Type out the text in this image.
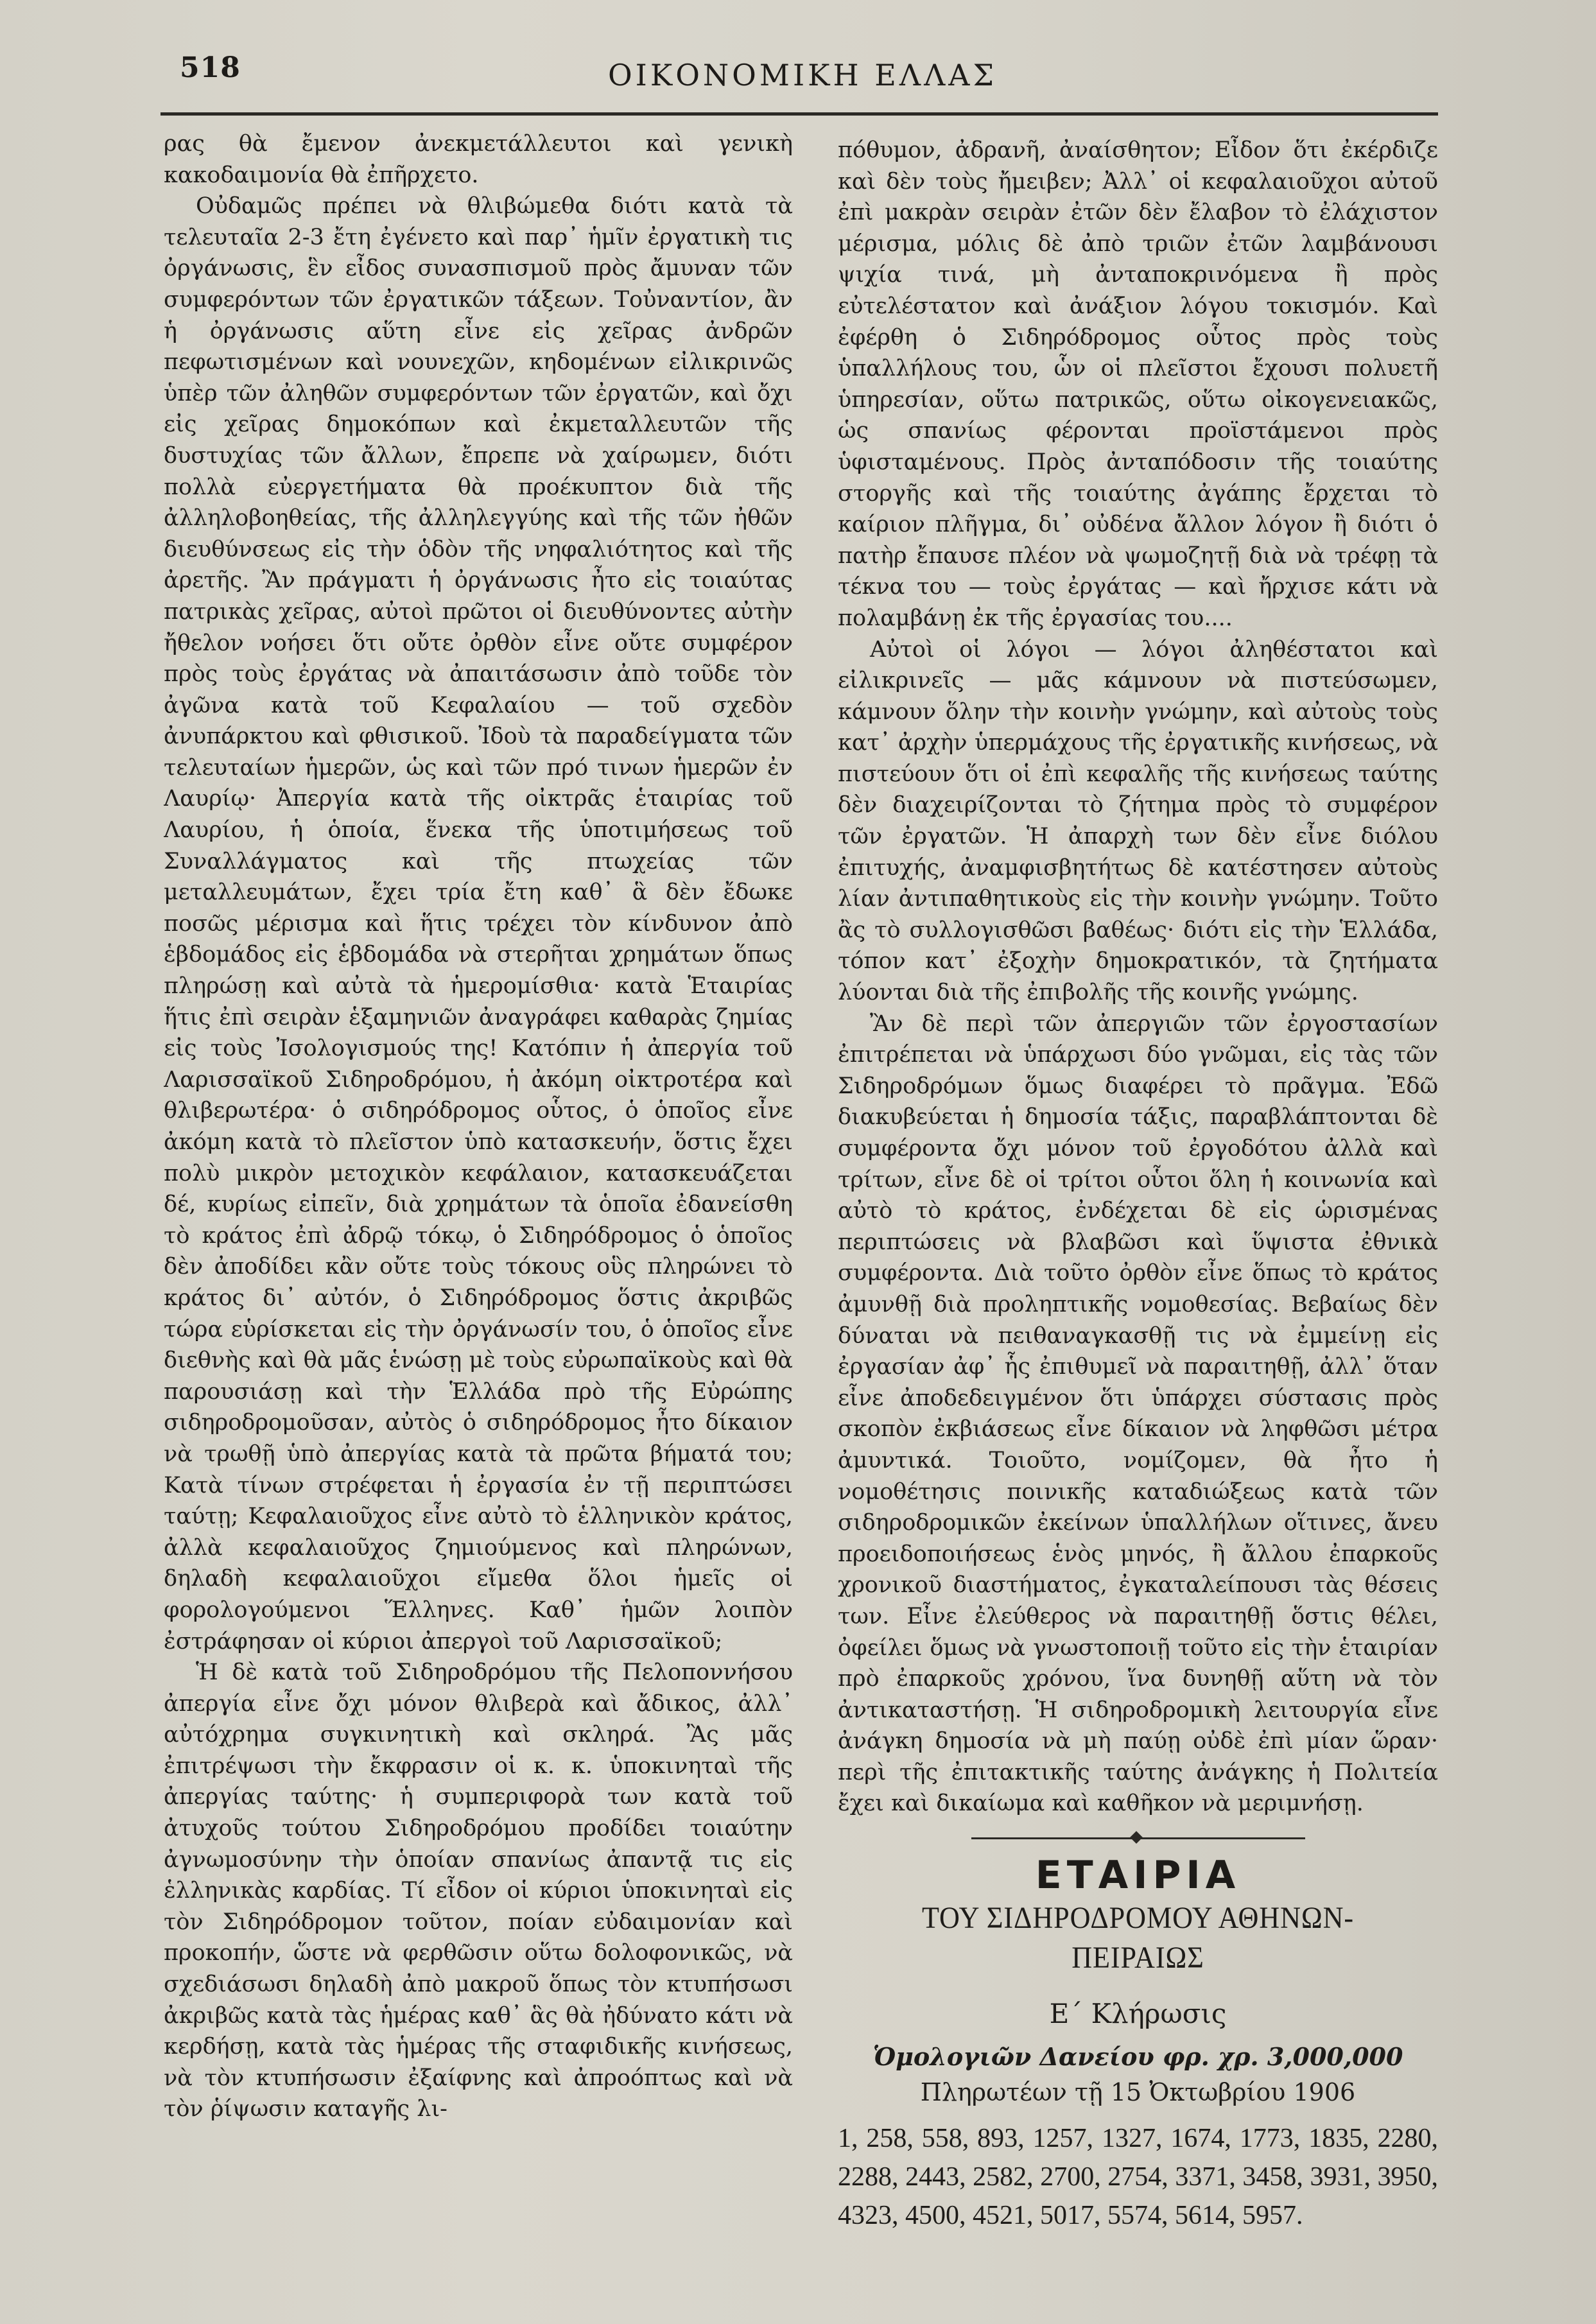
518	ΟΙΚΟΝΟΜΙΚΗ ΕΛΛΑΣ

ρας θὰ ἔμενον ἀνεκμετάλλευτοι καὶ γενικὴ κακοδαιμονία θὰ ἐπῆρχετο.

Οὐδαμῶς πρέπει νὰ θλιβώμεθα διότι κατὰ τὰ τελευταῖα 2-3 ἔτη ἐγένετο καὶ παρ᾽ ἡμῖν ἐργατικὴ τις ὀργάνωσις, ἓν εἶδος συνασπισμοῦ πρὸς ἄμυναν τῶν συμφερόντων τῶν ἐργατικῶν τάξεων. Τοὐναντίον, ἂν ἡ ὀργάνωσις αὕτη εἶνε εἰς χεῖρας ἀνδρῶν πεφωτισμένων καὶ νουνεχῶν, κηδομένων εἰλικρινῶς ὑπὲρ τῶν ἀληθῶν συμφερόντων τῶν ἐργατῶν, καὶ ὄχι εἰς χεῖρας δημοκόπων καὶ ἐκμεταλλευτῶν τῆς δυστυχίας τῶν ἄλλων, ἔπρεπε νὰ χαίρωμεν, διότι πολλὰ εὐεργετήματα θὰ προέκυπτον διὰ τῆς ἀλληλοβοηθείας, τῆς ἀλληλεγγύης καὶ τῆς τῶν ἠθῶν διευθύνσεως εἰς τὴν ὁδὸν τῆς νηφαλιότητος καὶ τῆς ἀρετῆς. Ἂν πράγματι ἡ ὀργάνωσις ἦτο εἰς τοιαύτας πατρικὰς χεῖρας, αὐτοὶ πρῶτοι οἱ διευθύνοντες αὐτὴν ἤθελον νοήσει ὅτι οὔτε ὀρθὸν εἶνε οὔτε συμφέρον πρὸς τοὺς ἐργάτας νὰ ἀπαιτάσωσιν ἀπὸ τοῦδε τὸν ἀγῶνα κατὰ τοῦ Κεφαλαίου — τοῦ σχεδὸν ἀνυπάρκτου καὶ φθισικοῦ. Ἰδοὺ τὰ παραδείγματα τῶν τελευταίων ἡμερῶν, ὡς καὶ τῶν πρό τινων ἡμερῶν ἐν Λαυρίῳ· Ἀπεργία κατὰ τῆς οἰκτρᾶς ἑταιρίας τοῦ Λαυρίου, ἡ ὁποία, ἕνεκα τῆς ὑποτιμήσεως τοῦ Συναλλάγματος καὶ τῆς πτωχείας τῶν μεταλλευμάτων, ἔχει τρία ἔτη καθ᾽ ἃ δὲν ἔδωκε ποσῶς μέρισμα καὶ ἥτις τρέχει τὸν κίνδυνον ἀπὸ ἑβδομάδος εἰς ἑβδομάδα νὰ στερῆται χρημάτων ὅπως πληρώσῃ καὶ αὐτὰ τὰ ἡμερομίσθια· κατὰ Ἑταιρίας ἥτις ἐπὶ σειρὰν ἑξαμηνιῶν ἀναγράφει καθαρὰς ζημίας εἰς τοὺς Ἰσολογισμούς της! Κατόπιν ἡ ἀπεργία τοῦ Λαρισσαϊκοῦ Σιδηροδρόμου, ἡ ἀκόμη οἰκτροτέρα καὶ θλιβερωτέρα· ὁ σιδηρόδρομος οὗτος, ὁ ὁποῖος εἶνε ἀκόμη κατὰ τὸ πλεῖστον ὑπὸ κατασκευήν, ὅστις ἔχει πολὺ μικρὸν μετοχικὸν κεφάλαιον, κατασκευάζεται δέ, κυρίως εἰπεῖν, διὰ χρημάτων τὰ ὁποῖα ἐδανείσθη τὸ κράτος ἐπὶ ἀδρῷ τόκῳ, ὁ Σιδηρόδρομος ὁ ὁποῖος δὲν ἀποδίδει κἂν οὔτε τοὺς τόκους οὓς πληρώνει τὸ κράτος δι᾽ αὐτόν, ὁ Σιδηρόδρομος ὅστις ἀκριβῶς τώρα εὑρίσκεται εἰς τὴν ὀργάνωσίν του, ὁ ὁποῖος εἶνε διεθνὴς καὶ θὰ μᾶς ἑνώσῃ μὲ τοὺς εὐρωπαϊκοὺς καὶ θὰ παρουσιάσῃ καὶ τὴν Ἑλλάδα πρὸ τῆς Εὐρώπης σιδηροδρομοῦσαν, αὐτὸς ὁ σιδηρόδρομος ἦτο δίκαιον νὰ τρωθῇ ὑπὸ ἀπεργίας κατὰ τὰ πρῶτα βήματά του; Κατὰ τίνων στρέφεται ἡ ἐργασία ἐν τῇ περιπτώσει ταύτῃ; Κεφαλαιοῦχος εἶνε αὐτὸ τὸ ἑλληνικὸν κράτος, ἀλλὰ κεφαλαιοῦχος ζημιούμενος καὶ πληρώνων, δηλαδὴ κεφαλαιοῦχοι εἴμεθα ὅλοι ἡμεῖς οἱ φορολογούμενοι Ἕλληνες. Καθ᾽ ἡμῶν λοιπὸν ἐστράφησαν οἱ κύριοι ἀπεργοὶ τοῦ Λαρισσαϊκοῦ;

Ἡ δὲ κατὰ τοῦ Σιδηροδρόμου τῆς Πελοποννήσου ἀπεργία εἶνε ὄχι μόνον θλιβερὰ καὶ ἄδικος, ἀλλ᾽ αὐτόχρημα συγκινητικὴ καὶ σκληρά. Ἂς μᾶς ἐπιτρέψωσι τὴν ἔκφρασιν οἱ κ. κ. ὑποκινηταὶ τῆς ἀπεργίας ταύτης· ἡ συμπεριφορὰ των κατὰ τοῦ ἀτυχοῦς τούτου Σιδηροδρόμου προδίδει τοιαύτην ἀγνωμοσύνην τὴν ὁποίαν σπανίως ἀπαντᾷ τις εἰς ἑλληνικὰς καρδίας. Τί εἶδον οἱ κύριοι ὑποκινηταὶ εἰς τὸν Σιδηρόδρομον τοῦτον, ποίαν εὐδαιμονίαν καὶ προκοπήν, ὥστε νὰ φερθῶσιν οὕτω δολοφονικῶς, νὰ σχεδιάσωσι δηλαδὴ ἀπὸ μακροῦ ὅπως τὸν κτυπήσωσι ἀκριβῶς κατὰ τὰς ἡμέρας καθ᾽ ἃς θὰ ἠδύνατο κάτι νὰ κερδήσῃ, κατὰ τὰς ἡμέρας τῆς σταφιδικῆς κινήσεως, νὰ τὸν κτυπήσωσιν ἐξαίφνης καὶ ἀπροόπτως καὶ νὰ τὸν ῥίψωσιν καταγῆς λι-

πόθυμον, ἀδρανῆ, ἀναίσθητον; Εἶδον ὅτι ἐκέρδιζε καὶ δὲν τοὺς ἤμειβεν; Ἀλλ᾽ οἱ κεφαλαιοῦχοι αὐτοῦ ἐπὶ μακρὰν σειρὰν ἐτῶν δὲν ἔλαβον τὸ ἐλάχιστον μέρισμα, μόλις δὲ ἀπὸ τριῶν ἐτῶν λαμβάνουσι ψιχία τινά, μὴ ἀνταποκρινόμενα ἢ πρὸς εὐτελέστατον καὶ ἀνάξιον λόγου τοκισμόν. Καὶ ἐφέρθη ὁ Σιδηρόδρομος οὗτος πρὸς τοὺς ὑπαλλήλους του, ὧν οἱ πλεῖστοι ἔχουσι πολυετῆ ὑπηρεσίαν, οὕτω πατρικῶς, οὕτω οἰκογενειακῶς, ὡς σπανίως φέρονται προϊστάμενοι πρὸς ὑφισταμένους. Πρὸς ἀνταπόδοσιν τῆς τοιαύτης στοργῆς καὶ τῆς τοιαύτης ἀγάπης ἔρχεται τὸ καίριον πλῆγμα, δι᾽ οὐδένα ἄλλον λόγον ἢ διότι ὁ πατὴρ ἔπαυσε πλέον νὰ ψωμοζητῇ διὰ νὰ τρέφῃ τὰ τέκνα του — τοὺς ἐργάτας — καὶ ἤρχισε κάτι νὰ πολαμβάνῃ ἐκ τῆς ἐργασίας του....

Αὐτοὶ οἱ λόγοι — λόγοι ἀληθέστατοι καὶ εἰλικρινεῖς — μᾶς κάμνουν νὰ πιστεύσωμεν, κάμνουν ὅλην τὴν κοινὴν γνώμην, καὶ αὐτοὺς τοὺς κατ᾽ ἀρχὴν ὑπερμάχους τῆς ἐργατικῆς κινήσεως, νὰ πιστεύουν ὅτι οἱ ἐπὶ κεφαλῆς τῆς κινήσεως ταύτης δὲν διαχειρίζονται τὸ ζήτημα πρὸς τὸ συμφέρον τῶν ἐργατῶν. Ἡ ἀπαρχὴ των δὲν εἶνε διόλου ἐπιτυχής, ἀναμφισβητήτως δὲ κατέστησεν αὐτοὺς λίαν ἀντιπαθητικοὺς εἰς τὴν κοινὴν γνώμην. Τοῦτο ἂς τὸ συλλογισθῶσι βαθέως· διότι εἰς τὴν Ἑλλάδα, τόπον κατ᾽ ἐξοχὴν δημοκρατικόν, τὰ ζητήματα λύονται διὰ τῆς ἐπιβολῆς τῆς κοινῆς γνώμης.

Ἂν δὲ περὶ τῶν ἀπεργιῶν τῶν ἐργοστασίων ἐπιτρέπεται νὰ ὑπάρχωσι δύο γνῶμαι, εἰς τὰς τῶν Σιδηροδρόμων ὅμως διαφέρει τὸ πρᾶγμα. Ἐδῶ διακυβεύεται ἡ δημοσία τάξις, παραβλάπτονται δὲ συμφέροντα ὄχι μόνον τοῦ ἐργοδότου ἀλλὰ καὶ τρίτων, εἶνε δὲ οἱ τρίτοι οὗτοι ὅλη ἡ κοινωνία καὶ αὐτὸ τὸ κράτος, ἐνδέχεται δὲ εἰς ὡρισμένας περιπτώσεις νὰ βλαβῶσι καὶ ὕψιστα ἐθνικὰ συμφέροντα. Διὰ τοῦτο ὀρθὸν εἶνε ὅπως τὸ κράτος ἀμυνθῇ διὰ προληπτικῆς νομοθεσίας. Βεβαίως δὲν δύναται νὰ πειθαναγκασθῇ τις νὰ ἐμμείνῃ εἰς ἐργασίαν ἀφ᾽ ἧς ἐπιθυμεῖ νὰ παραιτηθῇ, ἀλλ᾽ ὅταν εἶνε ἀποδεδειγμένον ὅτι ὑπάρχει σύστασις πρὸς σκοπὸν ἐκβιάσεως εἶνε δίκαιον νὰ ληφθῶσι μέτρα ἀμυντικά. Τοιοῦτο, νομίζομεν, θὰ ἦτο ἡ νομοθέτησις ποινικῆς καταδιώξεως κατὰ τῶν σιδηροδρομικῶν ἐκείνων ὑπαλλήλων οἵτινες, ἄνευ προειδοποιήσεως ἑνὸς μηνός, ἢ ἄλλου ἐπαρκοῦς χρονικοῦ διαστήματος, ἐγκαταλείπουσι τὰς θέσεις των. Εἶνε ἐλεύθερος νὰ παραιτηθῇ ὅστις θέλει, ὀφείλει ὅμως νὰ γνωστοποιῇ τοῦτο εἰς τὴν ἑταιρίαν πρὸ ἐπαρκοῦς χρόνου, ἵνα δυνηθῇ αὕτη νὰ τὸν ἀντικαταστήσῃ. Ἡ σιδηροδρομικὴ λειτουργία εἶνε ἀνάγκη δημοσία νὰ μὴ παύῃ οὐδὲ ἐπὶ μίαν ὥραν· περὶ τῆς ἐπιτακτικῆς ταύτης ἀνάγκης ἡ Πολιτεία ἔχει καὶ δικαίωμα καὶ καθῆκον νὰ μεριμνήσῃ.

ΕΤΑΙΡΙΑ
ΤΟΥ ΣΙΔΗΡΟΔΡΟΜΟΥ ΑΘΗΝΩΝ-ΠΕΙΡΑΙΩΣ
Ε´ Κλήρωσις
Ὁμολογιῶν Δανείου φρ. χρ. 3,000,000
Πληρωτέων τῇ 15 Ὀκτωβρίου 1906
1, 258, 558, 893, 1257, 1327, 1674, 1773, 1835, 2280, 2288, 2443, 2582, 2700, 2754, 3371, 3458, 3931, 3950, 4323, 4500, 4521, 5017, 5574, 5614, 5957.
